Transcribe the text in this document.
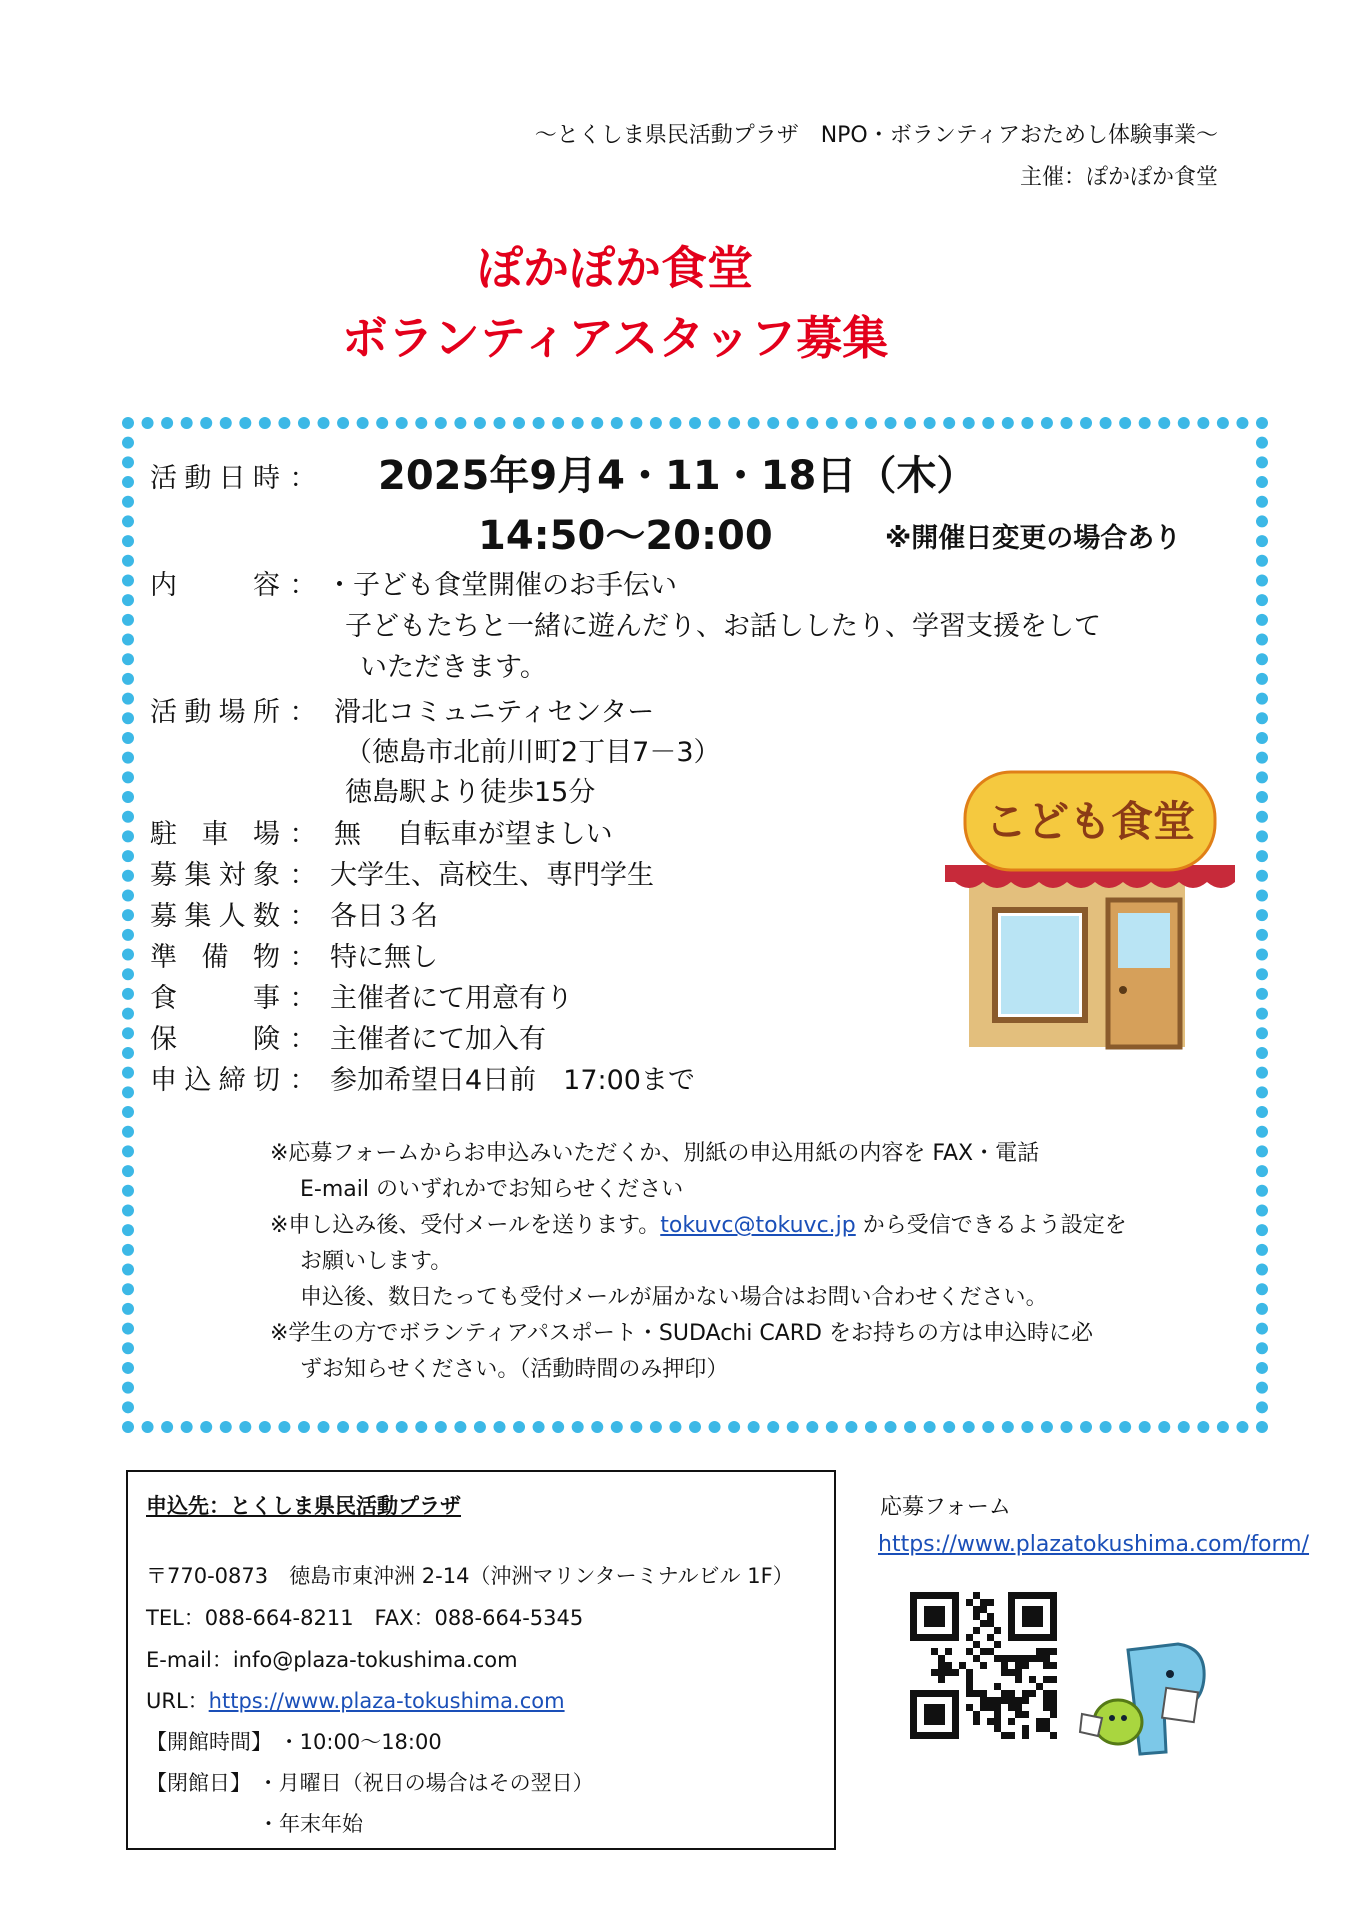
～とくしま県民活動プラザ　NPO・ボランティアおためし体験事業～
主催：ぽかぽか食堂
ぽかぽか食堂
ボランティアスタッフ募集
活動日時 ： 2025年9月4・11・18日（木）
14:50～20:00	※開催日変更の場合あり
内容 ： ・子ども食堂開催のお手伝い
子どもたちと一緒に遊んだり、お話ししたり、学習支援をして
いただきます。
活動場所 ： 滑北コミュニティセンター
（徳島市北前川町2丁目7－3）
徳島駅より徒歩15分
駐車場 ： 無　 自転車が望ましい
募集対象 ： 大学生、高校生、専門学生
募集人数 ： 各日３名
準備物 ： 特に無し
食事 ： 主催者にて用意有り
保険 ： 主催者にて加入有
申込締切 ： 参加希望日4日前　17:00まで
こども食堂
※応募フォームからお申込みいただくか、別紙の申込用紙の内容を FAX・電話
E-mail のいずれかでお知らせください
※申し込み後、受付メールを送ります。tokuvc@tokuvc.jp から受信できるよう設定を
お願いします。
申込後、数日たっても受付メールが届かない場合はお問い合わせください。
※学生の方でボランティアパスポート・SUDAchi CARD をお持ちの方は申込時に必
ずお知らせください。（活動時間のみ押印）
申込先：とくしま県民活動プラザ
〒770-0873　徳島市東沖洲 2-14（沖洲マリンターミナルビル 1F）
TEL：088-664-8211　FAX：088-664-5345
E-mail：info@plaza-tokushima.com
URL：https://www.plaza-tokushima.com
【開館時間】 ・10:00～18:00
【閉館日】 ・月曜日（祝日の場合はその翌日）
・年末年始
応募フォーム
https://www.plazatokushima.com/form/
